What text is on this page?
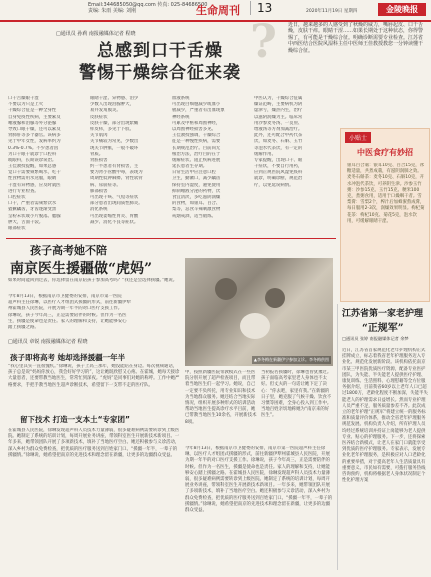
Email:344685050@qq.com 传真: 025-84686500
责编: 朱雨 美编: 刘刚	生命周刊	13	2020年11月19日 星期四	金陵晚报
?
□通讯员 孙莉 南报融媒体记者 程晓
总感到口干舌燥
警惕干燥综合征来袭
近日，越来越多的人感受到了秋燥的威力，嘴唇起皮、口干舌燥，皮肤干痒。眼睛干涩……如果长期处于这种状态，你得警惕了，有可能是干燥综合征。明确诊断需要专业检查。江苏省中西医结合医院风湿科主任中医师王佳教授教您一分钟读懂干燥综合征。
口干舌燥眼干涩
不要以为只是上火
干燥综合征是一种全身性
自身免疫性疾病，主要累及
唾液腺和泪腺等外分泌腺
导致口眼干燥，还可以累及
肾肺肝等多个器官。该病多
见于中年女性，发病率约为
0.3%-0.7%。不少患者因
为口干眼干就诊于口腔科
或眼科，长期误诊误治。
王佳教授提醒，如果总感
觉口干需要频繁喝水，吃干
性食物需用水送服，眼睛
干涩有异物感，应及时就医
进行专业检查。
口腔症状
口干，严重者需频繁饮水
猖獗龋齿，牙齿逐渐变黑
呈粉末状或小片脱落。腮腺
肿大，舌面干裂。
眼部症状
眼睛干涩、异物感、泪少
少数人出现泪腺肿大，
易并发角膜炎。
皮肤症状
皮肤干燥，部分出现紫癜
样皮疹，多见于下肢。
关节肌肉
关节痛较为常见，少数出
现关节肿胀，一般不破坏
骨质。
肾脏损害
约一半患者有肾损害，主
要为肾小管酸中毒，表现为
周期性低钾麻痹、肾性软骨
病、尿崩症等。
肺部损害
可出现干咳、气短等症状
部分患者出现间质性肺炎。
消化系统
可出现萎缩性胃炎、胃酸
减少、消化不良等症状。
血液系统
可出现白细胞减少或血小
板减少，严重者有出血现象
神经系统
可累及中枢和周围神经，
以周围神经损害多见。
王佳教授强调，干燥综合
征是一种慢性疾病，需要
长期规范治疗。目前尚无
根治方法，治疗目的在于
缓解症状、阻止疾病进展
延长患者生存期。
日常生活中应注意口腔
卫生，勤漱口，减少龋齿
保持室内湿度，避免使用
抑制唾液分泌的药物，饮
食宜清淡，多吃滋阴润燥
的食物，如银耳、百合、
梨等，忌食辛辣刺激食物
戒烟戒酒，适当锻炼。
中医认为，干燥综合征属
燥证范畴，主要病机为阴
虚津亏，燥热内生，治疗
以滋阴润燥为主。临床常
用沙参麦冬汤、一贯煎、
增液汤等方剂加减治疗。
此外，还可配合中药代茶
饮，如麦冬、石斛、玉竹
等泡水代茶饮，有一定的
缓解作用。
专家提醒，出现口干、眼
干症状，不要自行用药，
应到正规医院风湿免疫科
就诊，明确诊断，规范治
疗，以免延误病情。
小贴士
中医食疗有妙招
银耳百合羹：银耳10克、百合15克，冰糖适量，共煮成羹，有滋阴润肺之效。麦冬石斛茶：麦冬10克、石斛10克，开水冲泡代茶饮，可养阴生津。沙参玉竹粥：沙参15克、玉竹15克、粳米100克，煮粥食用，适用于口燥咽干者。雪梨膏：雪梨2个，榨汁后加蜂蜜熬成膏，每日服用2-3次，润燥效果明显。枸杞菊花茶：枸杞10克、菊花5克，泡水饮用，可缓解眼睛干涩。
孩子高考她不陪
南京医生援疆做“虎妈”
如果时间能回到过去，你选择留在南京陪孩子参加高考吗？“我还是会选择援疆。”她说。
今年8月13日，根据南京市卫健委的安排，南京市第一医院
超声科主任徐琳，以医疗人才组团式援疆的形式，前往新疆伊犁
州霍城县人民医院，开展为期一年半的对口医疗支援工作。
徐琳说，孩子今年高三，正是需要陪伴的时候。但作为一名医
生，援疆是使命也是责任。家人的理解和支持，让她能够安心
踏上援疆之路。
□通讯员 章锐 南报融媒体记者 程晓
▲李冬梅在新疆伊宁参加义诊。李冬梅供图
孩子即将高考 她却选择援疆一年半
“我心里其实一直很愧疚。”徐琳说，孩子上高三那年，她没能陪在身边。每次视频通话，孩子总是说“妈妈你放心，我会好好学习的”，这让她既欣慰又心疼。在霍城，她每天接诊大量患者，还要带教当地医生，常常忙到深夜。“虎妈”是同事们对她的称呼。工作中她严格要求，手把手教当地医生超声诊断技术，希望留下一支带不走的医疗队。
中，按照新疆医院带教模式在一些医院分别开展了超声检查项目，而且带着当地医生们一起学习。她说，自己一定要不负所托，用专业知识和技术为当地群众服务。她还结合当地实际情况，组织开展多种形式的培训活动帮助当地医生提高诊疗水平目前，她已带教当地医生10余名，开展新技术8项。
当初报名援疆时，徐琳也曾犹豫过。孩子面临高考家里老人身体也不太好。但丈夫的一句话让她下定了决心：“你去吧，家里有我。”在新疆的日子里，她克服了气候干燥、饮食不习惯等困难，全身心投入到工作中。当地百姓亲切地称她为“南京来的好医生”。
留下技术 打造一支本土“专家团”
在霍城县人民医院，徐琳发现超声科人员技术力量薄弱，很多疑难病例需要转诊到上级医院。她制定了系统的培训计划，每周开展业务讲座，带领科室医生开展新技术新项目。一年多来，她带领团队开展了多项新技术，填补了当地医疗空白。她还积极参与义诊活动，深入乡村为群众免费检查，把优质的医疗服务送到百姓家门口。“援疆一年半，一辈子的援疆情。”徐琳说，她希望把南京的先进技术和理念留在新疆，让更多的边疆群众受益。
今年8月13日，根据南京市卫健委的安排，南京市第一医院超声科主任徐琳，以医疗人才组团式援疆的形式，前往新疆伊犁州霍城县人民医院，开展为期一年半的对口医疗支援工作。徐琳说，孩子今年高三，正是需要陪伴的时候。但作为一名医生，援疆是使命也是责任。家人的理解和支持，让她能够安心踏上援疆之路。在霍城县人民医院，徐琳发现超声科人员技术力量薄弱，很多疑难病例需要转诊到上级医院。她制定了系统的培训计划，每周开展业务讲座，带领科室医生开展新技术新项目。一年多来，她带领团队开展了多项新技术，填补了当地医疗空白。她还积极参与义诊活动，深入乡村为群众免费检查，把优质的医疗服务送到百姓家门口。“援疆一年半，一辈子的援疆情。”徐琳说，她希望把南京的先进技术和理念留在新疆，让更多的边疆群众受益。
江苏省第一家老护理
“正规军”
□通讯员 张婷 南报融媒体记者 余梦
近日，江苏省首家规范化老年护理机构正式挂牌成立，标志着我省老年护理服务迈入专业化、规范化发展新阶段。该机构依托南京市某三甲医院优质医疗资源，配备专业医护团队，为失能、半失能老人提供医疗护理、康复训练、生活照料、心理慰藉等全方位服务据介绍，目前我省60岁以上老年人口已超过1800万，老龄化程度不断加深，失能半失能老人的护理需求日益增长。然而专业护理人员严重不足，服务质量参差不齐。此次成立的老年护理“正规军”将建立统一的服务标准和质量评价体系，推动全省老年护理服务规范发展。机构负责人介绍，所有护理人员均经过系统培训并持证上岗能够为老人提供专业、贴心的护理服务。下一步，还将探索医养结合新模式，让老人在家门口就能享受到优质的医疗护理服务。专家表示，发展专业化老年护理服务，是积极应对人口老龄化的重要举措，对于提高老年人生活质量具有重要意义。市民如有需要，可拨打服务热线咨询预约，机构将根据老人身体状况制定个性化护理方案
